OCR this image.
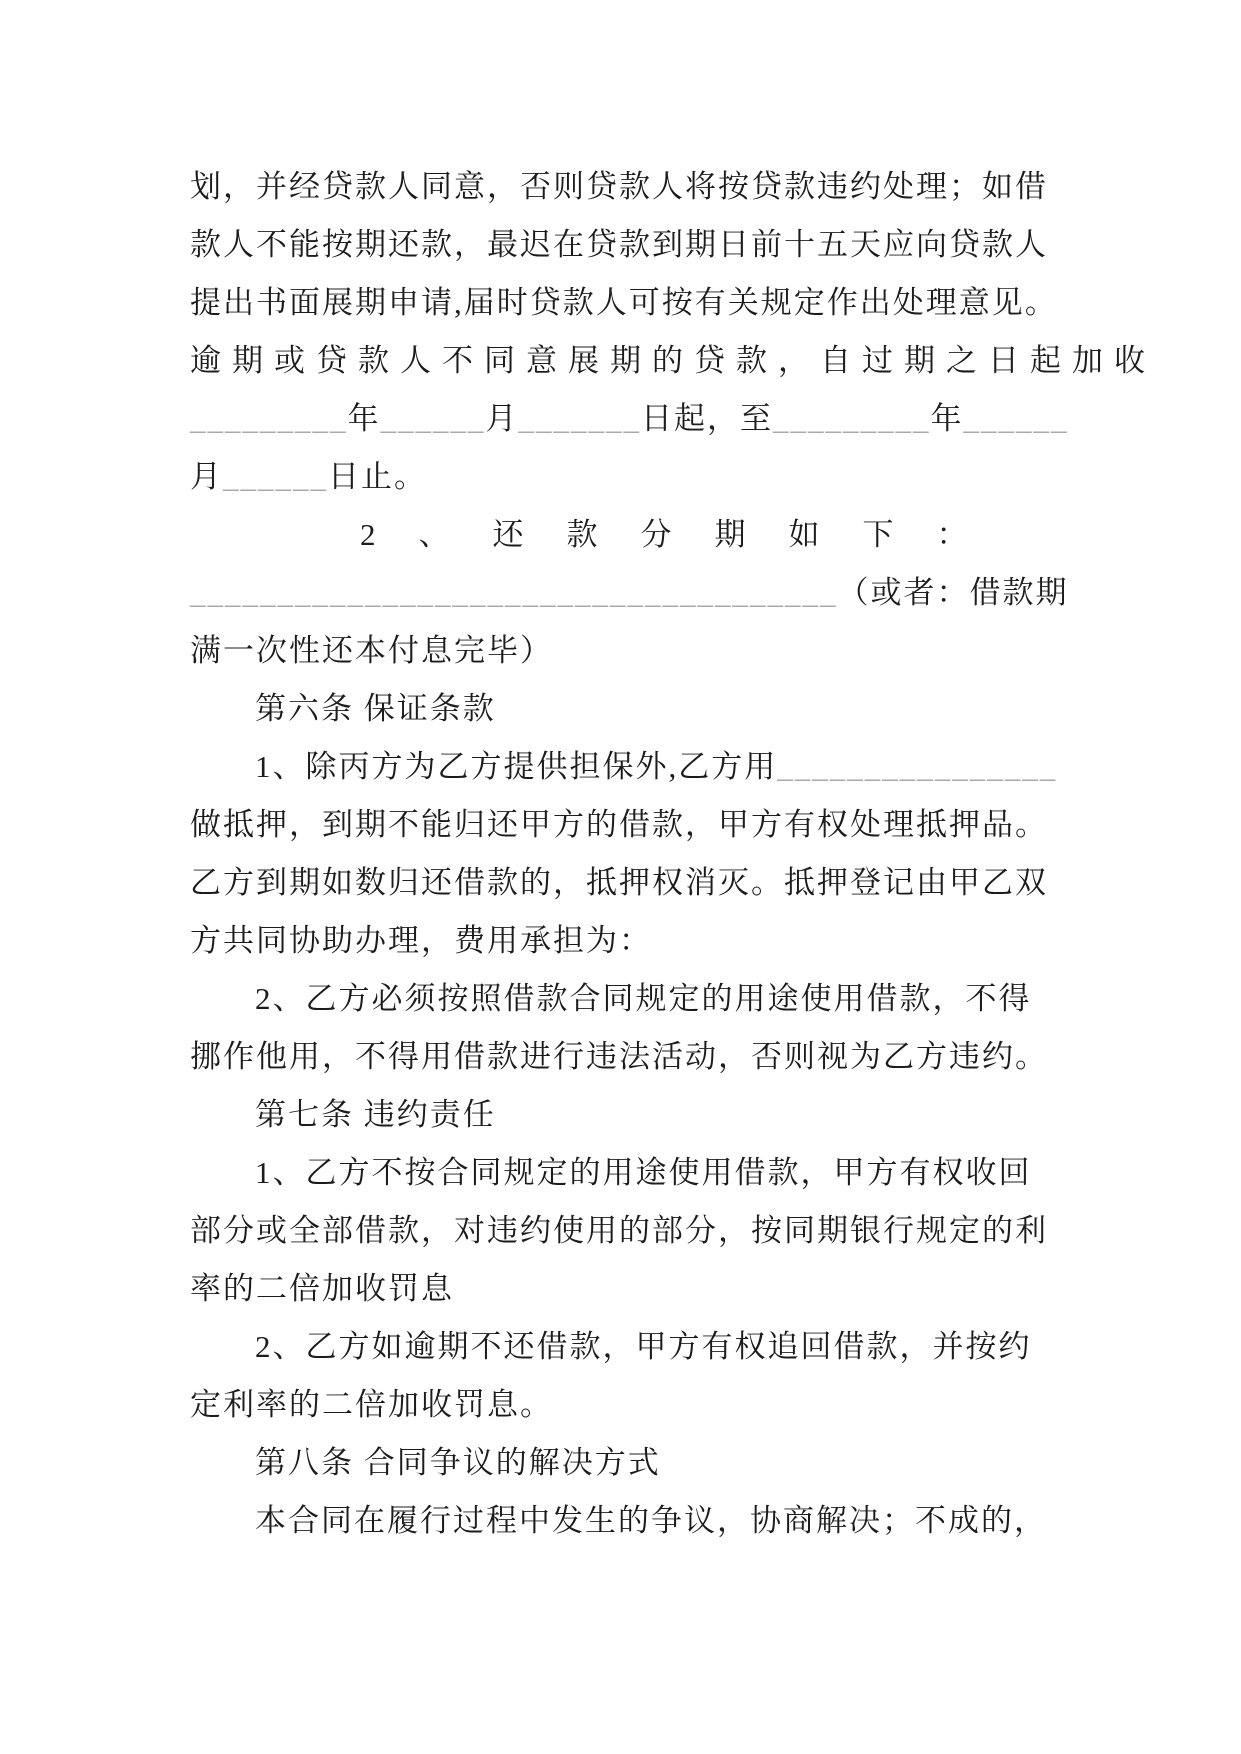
划，并经贷款人同意，否则贷款人将按贷款违约处理；如借
款人不能按期还款，最迟在贷款到期日前十五天应向贷款人
提出书面展期申请,届时贷款人可按有关规定作出处理意见。
逾期或贷款人不同意展期的贷款，自过期之日起加收
_________年______月_______日起，至_________年______
月______日止。
2、还款分期如下：
_____________________________________（或者：借款期
满一次性还本付息完毕）
第六条 保证条款
1、除丙方为乙方提供担保外,乙方用________________
做抵押，到期不能归还甲方的借款，甲方有权处理抵押品。
乙方到期如数归还借款的，抵押权消灭。抵押登记由甲乙双
方共同协助办理，费用承担为：
2、乙方必须按照借款合同规定的用途使用借款，不得
挪作他用，不得用借款进行违法活动，否则视为乙方违约。
第七条 违约责任
1、乙方不按合同规定的用途使用借款，甲方有权收回
部分或全部借款，对违约使用的部分，按同期银行规定的利
率的二倍加收罚息
2、乙方如逾期不还借款，甲方有权追回借款，并按约
定利率的二倍加收罚息。
第八条 合同争议的解决方式
本合同在履行过程中发生的争议，协商解决；不成的，
